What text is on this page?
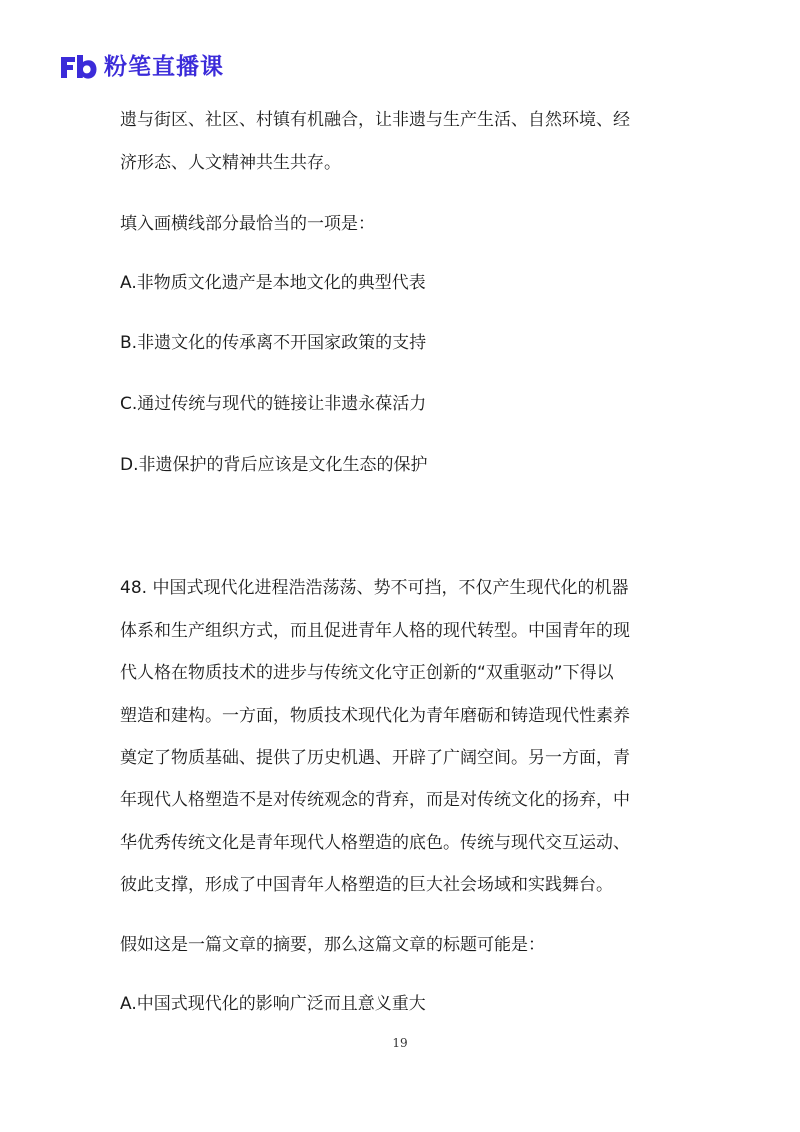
粉笔直播课
遗与街区、社区、村镇有机融合，让非遗与生产生活、自然环境、经
济形态、人文精神共生共存。
填入画横线部分最恰当的一项是：
A.非物质文化遗产是本地文化的典型代表
B.非遗文化的传承离不开国家政策的支持
C.通过传统与现代的链接让非遗永葆活力
D.非遗保护的背后应该是文化生态的保护
48. 中国式现代化进程浩浩荡荡、势不可挡，不仅产生现代化的机器
体系和生产组织方式，而且促进青年人格的现代转型。中国青年的现
代人格在物质技术的进步与传统文化守正创新的“双重驱动”下得以
塑造和建构。一方面，物质技术现代化为青年磨砺和铸造现代性素养
奠定了物质基础、提供了历史机遇、开辟了广阔空间。另一方面，青
年现代人格塑造不是对传统观念的背弃，而是对传统文化的扬弃，中
华优秀传统文化是青年现代人格塑造的底色。传统与现代交互运动、
彼此支撑，形成了中国青年人格塑造的巨大社会场域和实践舞台。
假如这是一篇文章的摘要，那么这篇文章的标题可能是：
A.中国式现代化的影响广泛而且意义重大
19
